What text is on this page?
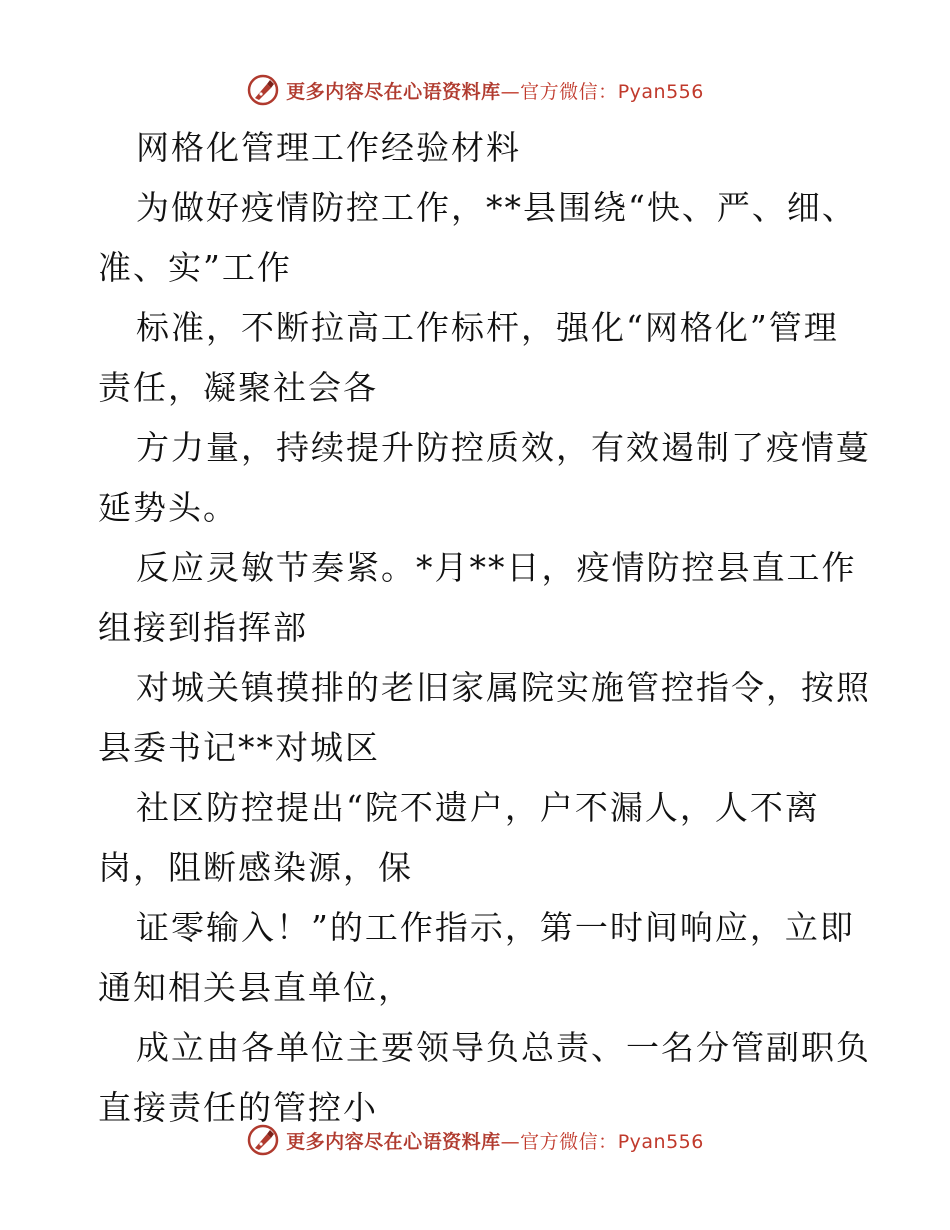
更多内容尽在心语资料库—官方微信：Pyan556
网格化管理工作经验材料
为做好疫情防控工作，**县围绕“快、严、细、
准、实”工作
标准，不断拉高工作标杆，强化“网格化”管理
责任，凝聚社会各
方力量，持续提升防控质效，有效遏制了疫情蔓
延势头。
反应灵敏节奏紧。*月**日，疫情防控县直工作
组接到指挥部
对城关镇摸排的老旧家属院实施管控指令，按照
县委书记**对城区
社区防控提出“院不遗户，户不漏人，人不离
岗，阻断感染源，保
证零输入！”的工作指示，第一时间响应，立即
通知相关县直单位，
成立由各单位主要领导负总责、一名分管副职负
直接责任的管控小
更多内容尽在心语资料库—官方微信：Pyan556
